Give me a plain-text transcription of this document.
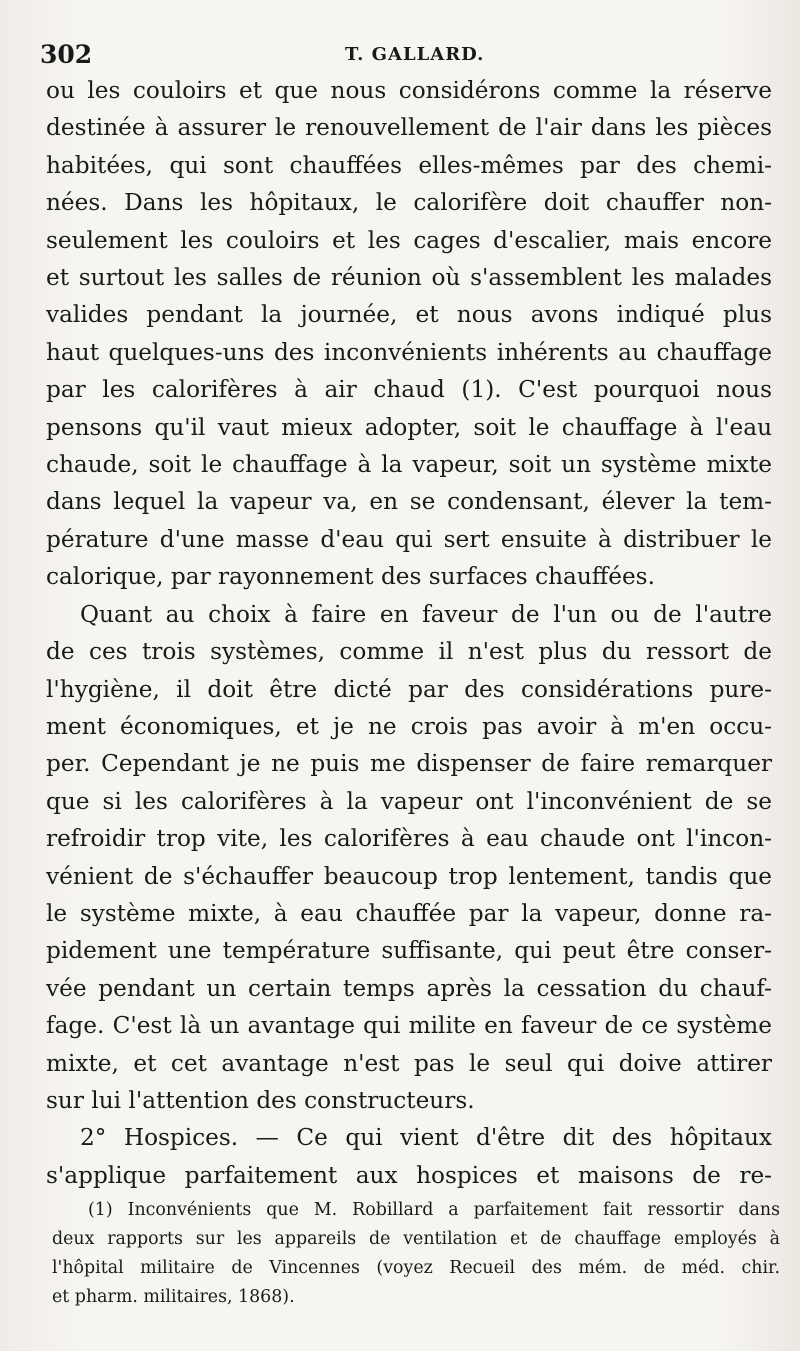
302	T. GALLARD.
ou les couloirs et que nous considérons comme la réserve
destinée à assurer le renouvellement de l'air dans les pièces
habitées, qui sont chauffées elles-mêmes par des chemi-
nées. Dans les hôpitaux, le calorifère doit chauffer non-
seulement les couloirs et les cages d'escalier, mais encore
et surtout les salles de réunion où s'assemblent les malades
valides pendant la journée, et nous avons indiqué plus
haut quelques-uns des inconvénients inhérents au chauffage
par les calorifères à air chaud (1). C'est pourquoi nous
pensons qu'il vaut mieux adopter, soit le chauffage à l'eau
chaude, soit le chauffage à la vapeur, soit un système mixte
dans lequel la vapeur va, en se condensant, élever la tem-
pérature d'une masse d'eau qui sert ensuite à distribuer le
calorique, par rayonnement des surfaces chauffées.
Quant au choix à faire en faveur de l'un ou de l'autre
de ces trois systèmes, comme il n'est plus du ressort de
l'hygiène, il doit être dicté par des considérations pure-
ment économiques, et je ne crois pas avoir à m'en occu-
per. Cependant je ne puis me dispenser de faire remarquer
que si les calorifères à la vapeur ont l'inconvénient de se
refroidir trop vite, les calorifères à eau chaude ont l'incon-
vénient de s'échauffer beaucoup trop lentement, tandis que
le système mixte, à eau chauffée par la vapeur, donne ra-
pidement une température suffisante, qui peut être conser-
vée pendant un certain temps après la cessation du chauf-
fage. C'est là un avantage qui milite en faveur de ce système
mixte, et cet avantage n'est pas le seul qui doive attirer
sur lui l'attention des constructeurs.
2° Hospices. — Ce qui vient d'être dit des hôpitaux
s'applique parfaitement aux hospices et maisons de re-
(1) Inconvénients que M. Robillard a parfaitement fait ressortir dans
deux rapports sur les appareils de ventilation et de chauffage employés à
l'hôpital militaire de Vincennes (voyez Recueil des mém. de méd. chir.
et pharm. militaires, 1868).
